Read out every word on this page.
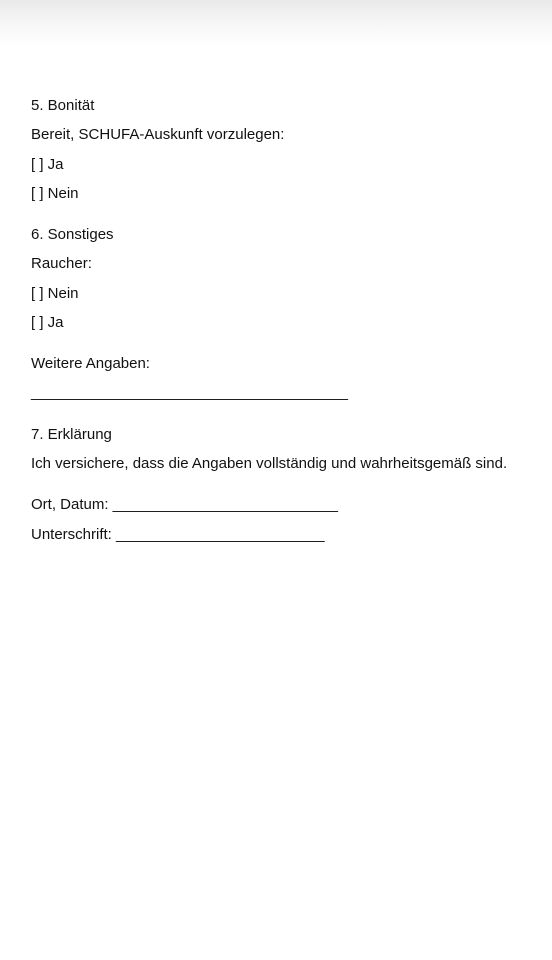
5. Bonität
Bereit, SCHUFA-Auskunft vorzulegen:
[ ] Ja
[ ] Nein
6. Sonstiges
Raucher:
[ ] Nein
[ ] Ja
Weitere Angaben:
______________________________________
7. Erklärung
Ich versichere, dass die Angaben vollständig und wahrheitsgemäß sind.
Ort, Datum: ___________________________
Unterschrift: _________________________
